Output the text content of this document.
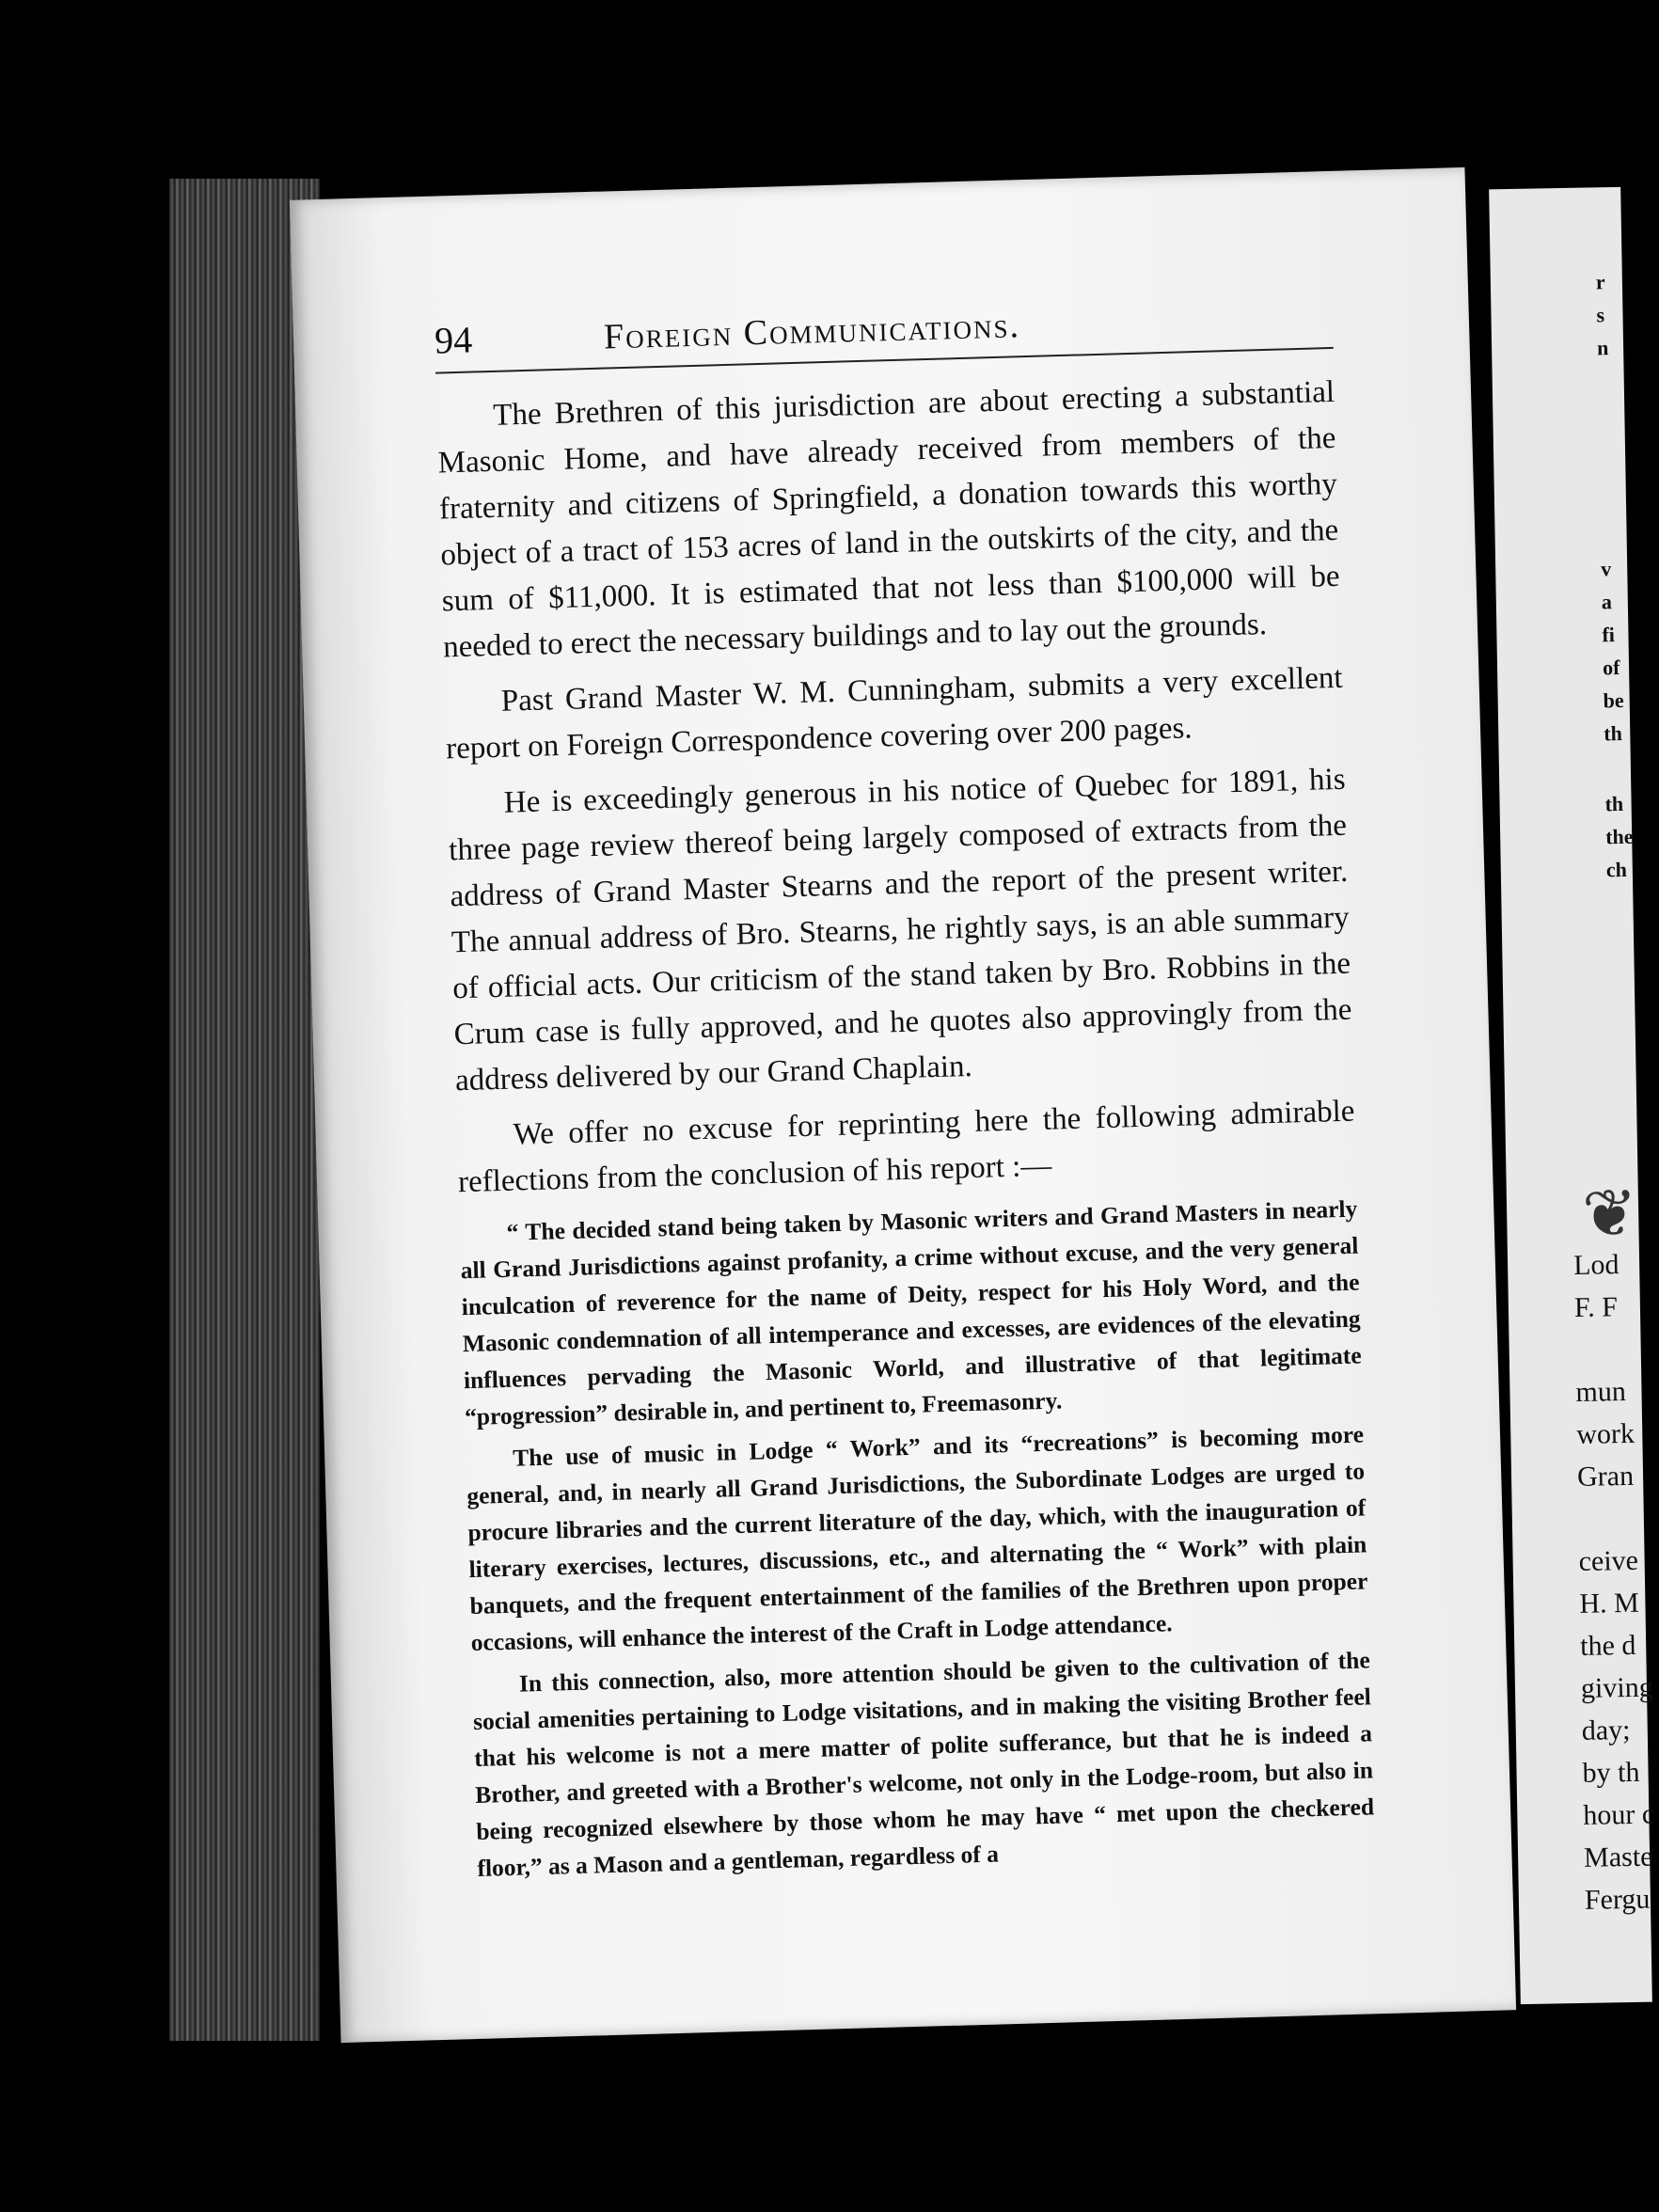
94	Foreign Communications.

The Brethren of this jurisdiction are about erecting a substantial Masonic Home, and have already received from members of the fraternity and citizens of Springfield, a donation towards this worthy object of a tract of 153 acres of land in the outskirts of the city, and the sum of $11,000. It is estimated that not less than $100,000 will be needed to erect the necessary buildings and to lay out the grounds.

Past Grand Master W. M. Cunningham, submits a very excellent report on Foreign Correspondence covering over 200 pages.

He is exceedingly generous in his notice of Quebec for 1891, his three page review thereof being largely composed of extracts from the address of Grand Master Stearns and the report of the present writer. The annual address of Bro. Stearns, he rightly says, is an able summary of official acts. Our criticism of the stand taken by Bro. Robbins in the Crum case is fully approved, and he quotes also approvingly from the address delivered by our Grand Chaplain.

We offer no excuse for reprinting here the following admirable reflections from the conclusion of his report :—

“ The decided stand being taken by Masonic writers and Grand Masters in nearly all Grand Jurisdictions against profanity, a crime without excuse, and the very general inculcation of reverence for the name of Deity, respect for his Holy Word, and the Masonic condemnation of all intemperance and excesses, are evidences of the elevating influences pervading the Masonic World, and illustrative of that legitimate “progression” desirable in, and pertinent to, Freemasonry.

The use of music in Lodge “ Work” and its “recreations” is becoming more general, and, in nearly all Grand Jurisdictions, the Subordinate Lodges are urged to procure libraries and the current literature of the day, which, with the inauguration of literary exercises, lectures, discussions, etc., and alternating the “ Work” with plain banquets, and the frequent entertainment of the families of the Brethren upon proper occasions, will enhance the interest of the Craft in Lodge attendance.

In this connection, also, more attention should be given to the cultivation of the social amenities pertaining to Lodge visitations, and in making the visiting Brother feel that his welcome is not a mere matter of polite sufferance, but that he is indeed a Brother, and greeted with a Brother's welcome, not only in the Lodge-room, but also in being recognized elsewhere by those whom he may have “ met upon the checkered floor,” as a Mason and a gentleman, regardless of a

r
s
n
v
a
fi
of
be
th
th
the
ch
❦
Lod
F. F
mun
work
Gran
ceive
H. M
the d
giving
day;
by th
hour c
Maste
Fergu
